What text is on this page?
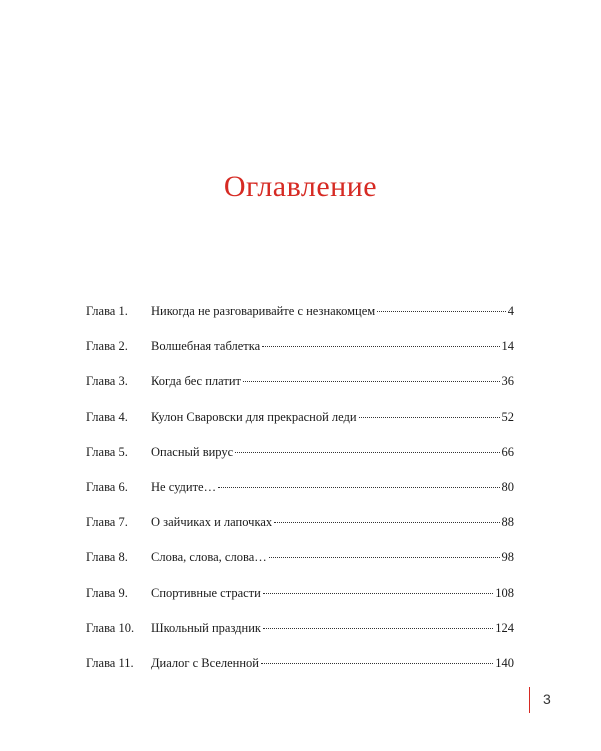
Оглавление
Глава 1.	Никогда не разговаривайте с незнакомцем	4
Глава 2.	Волшебная таблетка	14
Глава 3.	Когда бес платит	36
Глава 4.	Кулон Сваровски для прекрасной леди	52
Глава 5.	Опасный вирус	66
Глава 6.	Не судите…	80
Глава 7.	О зайчиках и лапочках	88
Глава 8.	Слова, слова, слова…	98
Глава 9.	Спортивные страсти	108
Глава 10.	Школьный праздник	124
Глава 11.	Диалог с Вселенной	140
3
